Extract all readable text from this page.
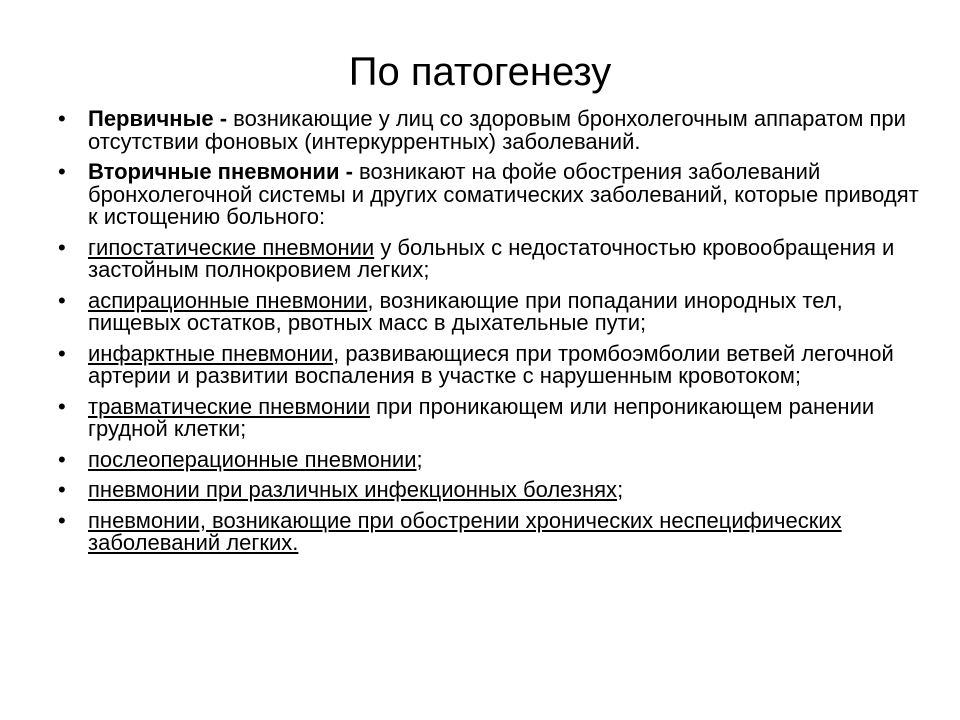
По патогенезу
• Первичные - возникающие у лиц со здоровым бронхолегочным аппаратом при отсутствии фоновых (интеркуррентных) заболеваний.
• Вторичные пневмонии - возникают на фойе обострения заболеваний бронхолегочной системы и других соматических заболеваний, которые приводят к истощению больного:
• гипостатические пневмонии у больных с недостаточностью кровообращения и застойным полнокровием легких;
• аспирационные пневмонии, возникающие при попадании инородных тел, пищевых остатков, рвотных масс в дыхательные пути;
• инфарктные пневмонии, развивающиеся при тромбоэмболии ветвей легочной артерии и развитии воспаления в участке с нарушенным кровотоком;
• травматические пневмонии при проникающем или непроникающем ранении грудной клетки;
• послеоперационные пневмонии;
• пневмонии при различных инфекционных болезнях;
• пневмонии, возникающие при обострении хронических неспецифических заболеваний легких.
